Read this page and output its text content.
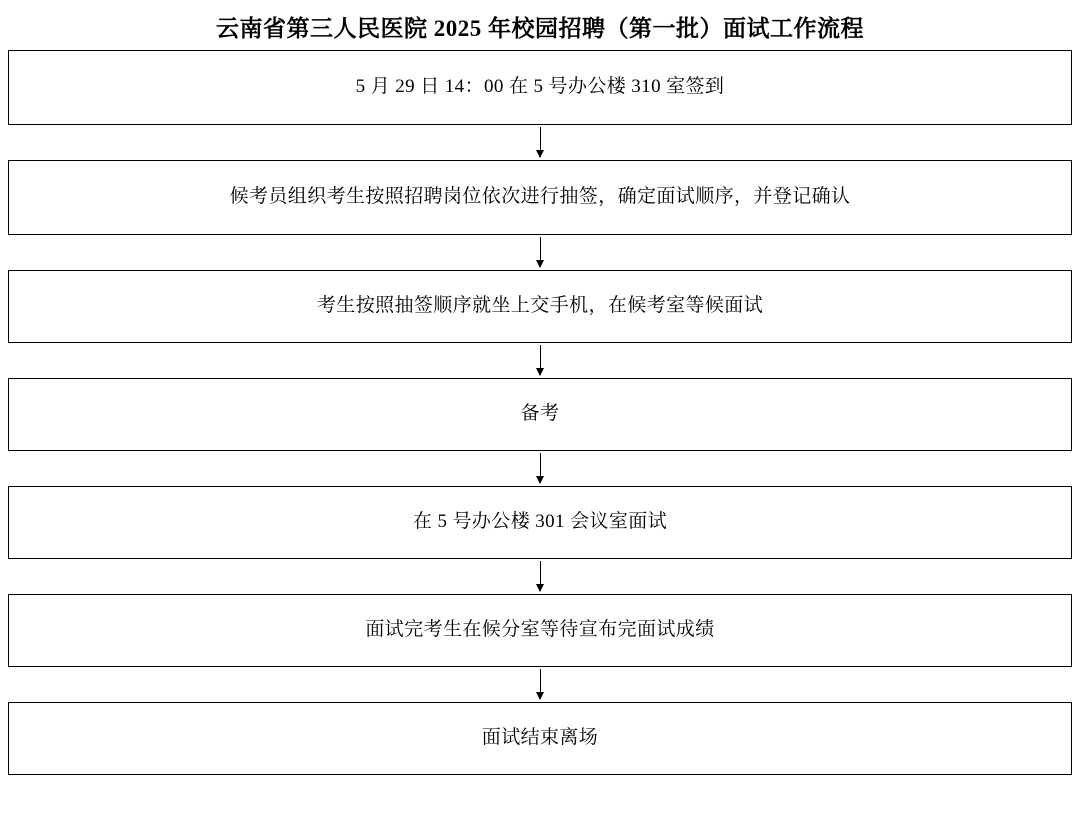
云南省第三人民医院 2025 年校园招聘（第一批）面试工作流程
5 月 29 日 14：00 在 5 号办公楼 310 室签到
候考员组织考生按照招聘岗位依次进行抽签，确定面试顺序，并登记确认
考生按照抽签顺序就坐上交手机，在候考室等候面试
备考
在 5 号办公楼 301 会议室面试
面试完考生在候分室等待宣布完面试成绩
面试结束离场
